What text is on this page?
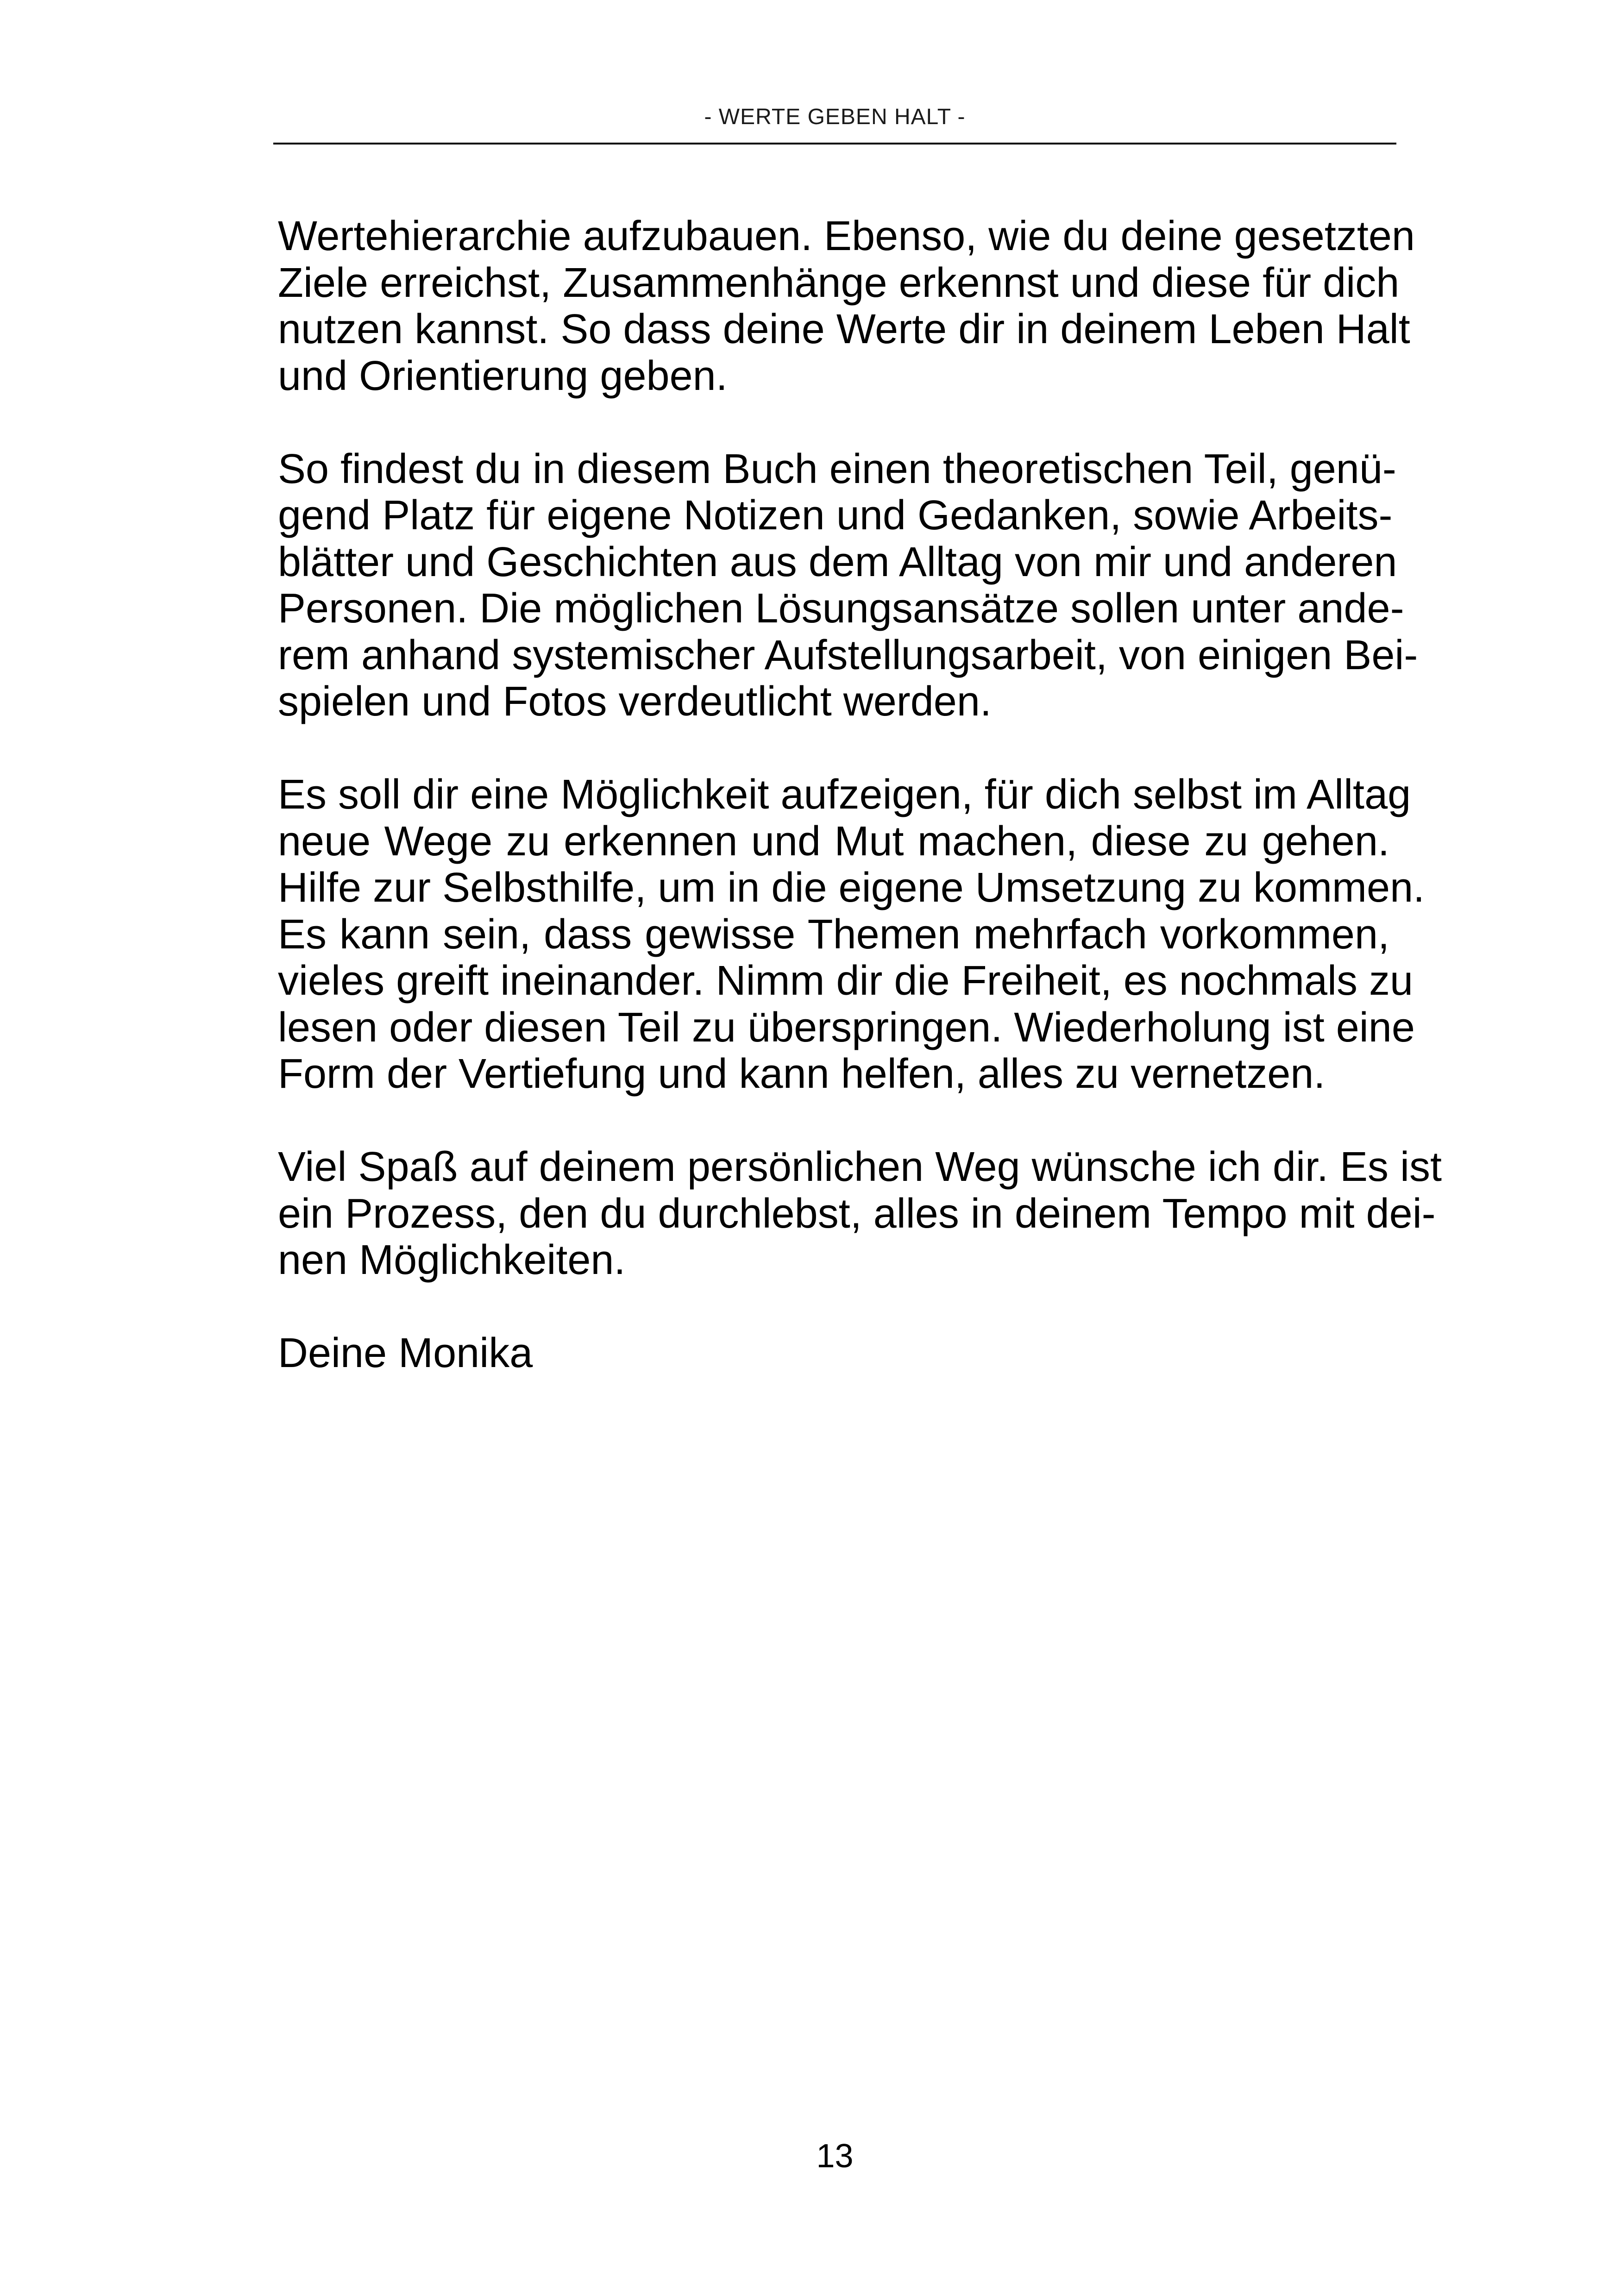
- WERTE GEBEN HALT -
Wertehierarchie aufzubauen. Ebenso, wie du deine gesetzten
Ziele erreichst, Zusammenhänge erkennst und diese für dich
nutzen kannst. So dass deine Werte dir in deinem Leben Halt
und Orientierung geben.
So findest du in diesem Buch einen theoretischen Teil, genü-
gend Platz für eigene Notizen und Gedanken, sowie Arbeits-
blätter und Geschichten aus dem Alltag von mir und anderen
Personen. Die möglichen Lösungsansätze sollen unter ande-
rem anhand systemischer Aufstellungsarbeit, von einigen Bei-
spielen und Fotos verdeutlicht werden.
Es soll dir eine Möglichkeit aufzeigen, für dich selbst im Alltag
neue Wege zu erkennen und Mut machen, diese zu gehen.
Hilfe zur Selbsthilfe, um in die eigene Umsetzung zu kommen.
Es kann sein, dass gewisse Themen mehrfach vorkommen,
vieles greift ineinander. Nimm dir die Freiheit, es nochmals zu
lesen oder diesen Teil zu überspringen. Wiederholung ist eine
Form der Vertiefung und kann helfen, alles zu vernetzen.
Viel Spaß auf deinem persönlichen Weg wünsche ich dir. Es ist
ein Prozess, den du durchlebst, alles in deinem Tempo mit dei-
nen Möglichkeiten.
Deine Monika
13
